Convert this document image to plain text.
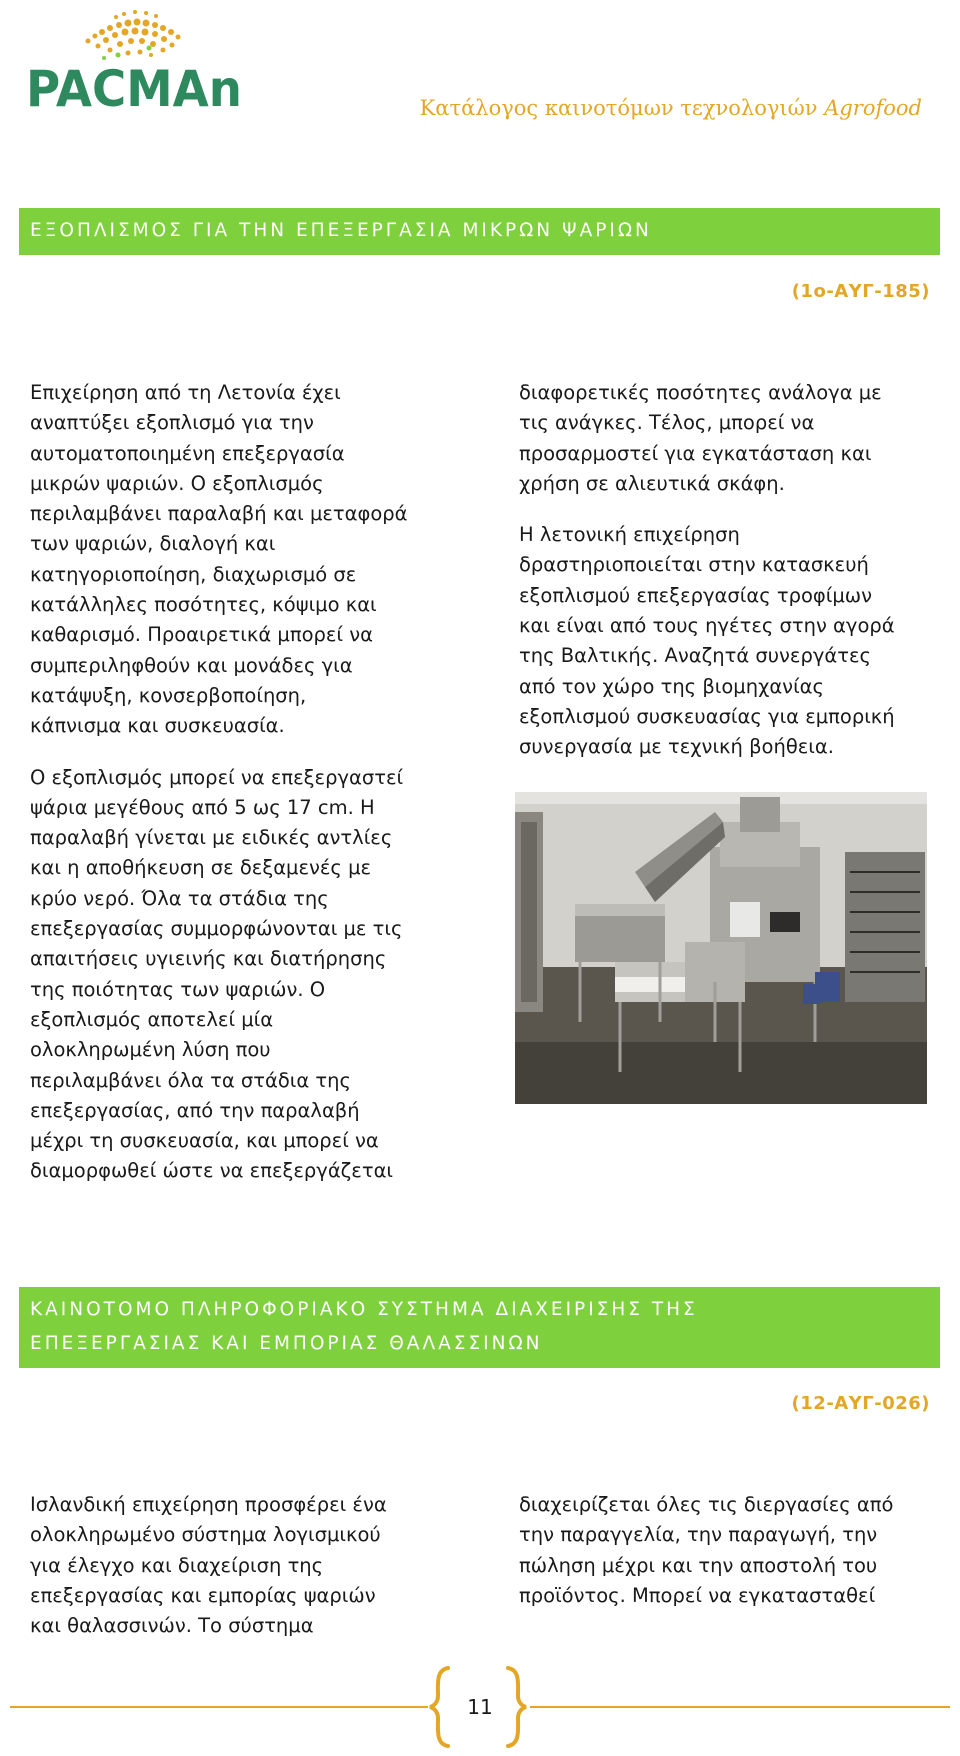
PACMAn	Κατάλογος καινοτόμων τεχνολογιών Agrofood
ΕΞΟΠΛΙΣΜΟΣ ΓΙΑ ΤΗΝ ΕΠΕΞΕΡΓΑΣΙΑ ΜΙΚΡΩΝ ΨΑΡΙΩΝ
(1ο-ΑΥΓ-185)

Επιχείρηση από τη Λετονία έχει
αναπτύξει εξοπλισμό για την
αυτοματοποιημένη επεξεργασία
μικρών ψαριών. Ο εξοπλισμός
περιλαμβάνει παραλαβή και μεταφορά
των ψαριών, διαλογή και
κατηγοριοποίηση, διαχωρισμό σε
κατάλληλες ποσότητες, κόψιμο και
καθαρισμό. Προαιρετικά μπορεί να
συμπεριληφθούν και μονάδες για
κατάψυξη, κονσερβοποίηση,
κάπνισμα και συσκευασία.

Ο εξοπλισμός μπορεί να επεξεργαστεί
ψάρια μεγέθους από 5 ως 17 cm. Η
παραλαβή γίνεται με ειδικές αντλίες
και η αποθήκευση σε δεξαμενές με
κρύο νερό. Όλα τα στάδια της
επεξεργασίας συμμορφώνονται με τις
απαιτήσεις υγιεινής και διατήρησης
της ποιότητας των ψαριών. Ο
εξοπλισμός αποτελεί μία
ολοκληρωμένη λύση που
περιλαμβάνει όλα τα στάδια της
επεξεργασίας, από την παραλαβή
μέχρι τη συσκευασία, και μπορεί να
διαμορφωθεί ώστε να επεξεργάζεται

διαφορετικές ποσότητες ανάλογα με
τις ανάγκες. Τέλος, μπορεί να
προσαρμοστεί για εγκατάσταση και
χρήση σε αλιευτικά σκάφη.

Η λετονική επιχείρηση
δραστηριοποιείται στην κατασκευή
εξοπλισμού επεξεργασίας τροφίμων
και είναι από τους ηγέτες στην αγορά
της Βαλτικής. Αναζητά συνεργάτες
από τον χώρο της βιομηχανίας
εξοπλισμού συσκευασίας για εμπορική
συνεργασία με τεχνική βοήθεια.

ΚΑΙΝΟΤΟΜΟ ΠΛΗΡΟΦΟΡΙΑΚΟ ΣΥΣΤΗΜΑ ΔΙΑΧΕΙΡΙΣΗΣ ΤΗΣ
ΕΠΕΞΕΡΓΑΣΙΑΣ ΚΑΙ ΕΜΠΟΡΙΑΣ ΘΑΛΑΣΣΙΝΩΝ
(12-ΑΥΓ-026)

Ισλανδική επιχείρηση προσφέρει ένα
ολοκληρωμένο σύστημα λογισμικού
για έλεγχο και διαχείριση της
επεξεργασίας και εμπορίας ψαριών
και θαλασσινών. Το σύστημα

διαχειρίζεται όλες τις διεργασίες από
την παραγγελία, την παραγωγή, την
πώληση μέχρι και την αποστολή του
προϊόντος. Μπορεί να εγκατασταθεί

11
